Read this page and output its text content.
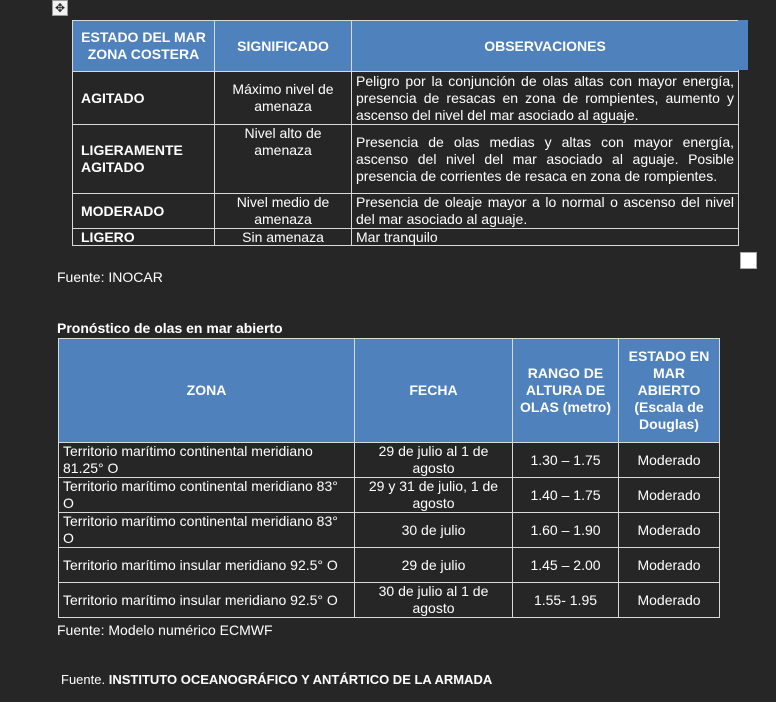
✥
ESTADO DEL MAR ZONA COSTERA	SIGNIFICADO	OBSERVACIONES
AGITADO	Máximo nivel de amenaza	Peligro por la conjunción de olas altas con mayor energía, presencia de resacas en zona de rompientes, aumento y ascenso del nivel del mar asociado al aguaje.
LIGERAMENTE AGITADO	Nivel alto de amenaza	Presencia de olas medias y altas con mayor energía, ascenso del nivel del mar asociado al aguaje. Posible presencia de corrientes de resaca en zona de rompientes.
MODERADO	Nivel medio de amenaza	Presencia de oleaje mayor a lo normal o ascenso del nivel del mar asociado al aguaje.
LIGERO	Sin amenaza	Mar tranquilo
Fuente: INOCAR
Pronóstico de olas en mar abierto
ZONA	FECHA	RANGO DE ALTURA DE OLAS (metro)	ESTADO EN MAR ABIERTO (Escala de Douglas)
Territorio marítimo continental meridiano 81.25° O	29 de julio al 1 de agosto	1.30 – 1.75	Moderado
Territorio marítimo continental meridiano 83° O	29 y 31 de julio, 1 de agosto	1.40 – 1.75	Moderado
Territorio marítimo continental meridiano 83° O	30 de julio	1.60 – 1.90	Moderado
Territorio marítimo insular meridiano 92.5° O	29 de julio	1.45 – 2.00	Moderado
Territorio marítimo insular meridiano 92.5° O	30 de julio al 1 de agosto	1.55- 1.95	Moderado
Fuente: Modelo numérico ECMWF
Fuente. INSTITUTO OCEANOGRÁFICO Y ANTÁRTICO DE LA ARMADA
